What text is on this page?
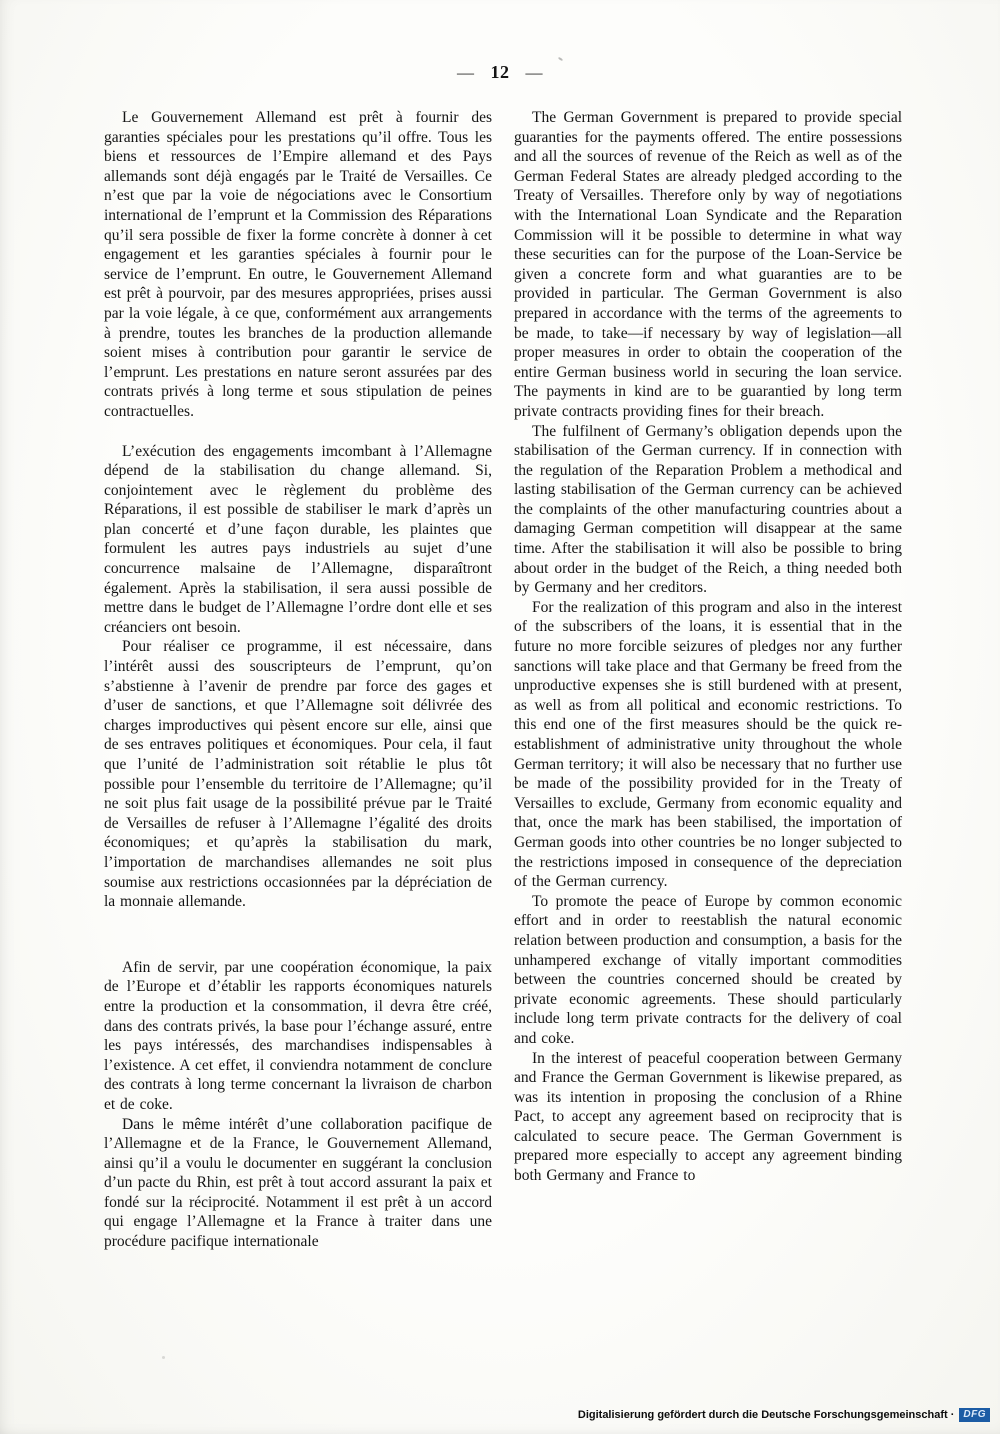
— 12 —

Le Gouvernement Allemand est prêt à fournir des garanties spéciales pour les prestations qu’il offre. Tous les biens et ressources de l’Empire allemand et des Pays allemands sont déjà engagés par le Traité de Versailles. Ce n’est que par la voie de négociations avec le Consortium international de l’emprunt et la Commission des Réparations qu’il sera possible de fixer la forme concrète à donner à cet engagement et les garanties spéciales à fournir pour le service de l’emprunt. En outre, le Gouvernement Allemand est prêt à pourvoir, par des mesures appropriées, prises aussi par la voie légale, à ce que, conformément aux arrangements à prendre, toutes les branches de la production allemande soient mises à contribution pour garantir le service de l’emprunt. Les prestations en nature seront assurées par des contrats privés à long terme et sous stipulation de peines contractuelles.

L’exécution des engagements imcombant à l’Allemagne dépend de la stabilisation du change allemand. Si, conjointement avec le règlement du problème des Réparations, il est possible de stabiliser le mark d’après un plan concerté et d’une façon durable, les plaintes que formulent les autres pays industriels au sujet d’une concurrence malsaine de l’Allemagne, disparaîtront également. Après la stabilisation, il sera aussi possible de mettre dans le budget de l’Allemagne l’ordre dont elle et ses créanciers ont besoin.

Pour réaliser ce programme, il est nécessaire, dans l’intérêt aussi des souscripteurs de l’emprunt, qu’on s’abstienne à l’avenir de prendre par force des gages et d’user de sanctions, et que l’Allemagne soit délivrée des charges improductives qui pèsent encore sur elle, ainsi que de ses entraves politiques et économiques. Pour cela, il faut que l’unité de l’administration soit rétablie le plus tôt possible pour l’ensemble du territoire de l’Allemagne; qu’il ne soit plus fait usage de la possibilité prévue par le Traité de Versailles de refuser à l’Allemagne l’égalité des droits économiques; et qu’après la stabilisation du mark, l’importation de marchandises allemandes ne soit plus soumise aux restrictions occasionnées par la dépréciation de la monnaie allemande.

Afin de servir, par une coopération économique, la paix de l’Europe et d’établir les rapports économiques naturels entre la production et la consommation, il devra être créé, dans des contrats privés, la base pour l’échange assuré, entre les pays intéressés, des marchandises indispensables à l’existence. A cet effet, il conviendra notamment de conclure des contrats à long terme concernant la livraison de charbon et de coke.

Dans le même intérêt d’une collaboration pacifique de l’Allemagne et de la France, le Gouvernement Allemand, ainsi qu’il a voulu le documenter en suggérant la conclusion d’un pacte du Rhin, est prêt à tout accord assurant la paix et fondé sur la réciprocité. Notamment il est prêt à un accord qui engage l’Allemagne et la France à traiter dans une procédure pacifique internationale

The German Government is prepared to provide special guaranties for the payments offered. The entire possessions and all the sources of revenue of the Reich as well as of the German Federal States are already pledged according to the Treaty of Versailles. Therefore only by way of negotiations with the International Loan Syndicate and the Reparation Commission will it be possible to determine in what way these securities can for the purpose of the Loan-Service be given a concrete form and what guaranties are to be provided in particular. The German Government is also prepared in accordance with the terms of the agreements to be made, to take—if necessary by way of legislation—all proper measures in order to obtain the cooperation of the entire German business world in securing the loan service. The payments in kind are to be guarantied by long term private contracts providing fines for their breach.

The fulfilnent of Germany’s obligation depends upon the stabilisation of the German currency. If in connection with the regulation of the Reparation Problem a methodical and lasting stabilisation of the German currency can be achieved the complaints of the other manufacturing countries about a damaging German competition will disappear at the same time. After the stabilisation it will also be possible to bring about order in the budget of the Reich, a thing needed both by Germany and her creditors.

For the realization of this program and also in the interest of the subscribers of the loans, it is essential that in the future no more forcible seizures of pledges nor any further sanctions will take place and that Germany be freed from the unproductive expenses she is still burdened with at present, as well as from all political and economic restrictions. To this end one of the first measures should be the quick re-establishment of administrative unity throughout the whole German territory; it will also be necessary that no further use be made of the possibility provided for in the Treaty of Versailles to exclude, Germany from economic equality and that, once the mark has been stabilised, the importation of German goods into other countries be no longer subjected to the restrictions imposed in consequence of the depreciation of the German currency.

To promote the peace of Europe by common economic effort and in order to reestablish the natural economic relation between production and consumption, a basis for the unhampered exchange of vitally important commodities between the countries concerned should be created by private economic agreements. These should particularly include long term private contracts for the delivery of coal and coke.

In the interest of peaceful cooperation between Germany and France the German Government is likewise prepared, as was its intention in proposing the conclusion of a Rhine Pact, to accept any agreement based on reciprocity that is calculated to secure peace. The German Government is prepared more especially to accept any agreement binding both Germany and France to

Digitalisierung gefördert durch die Deutsche Forschungsgemeinschaft · DFG
